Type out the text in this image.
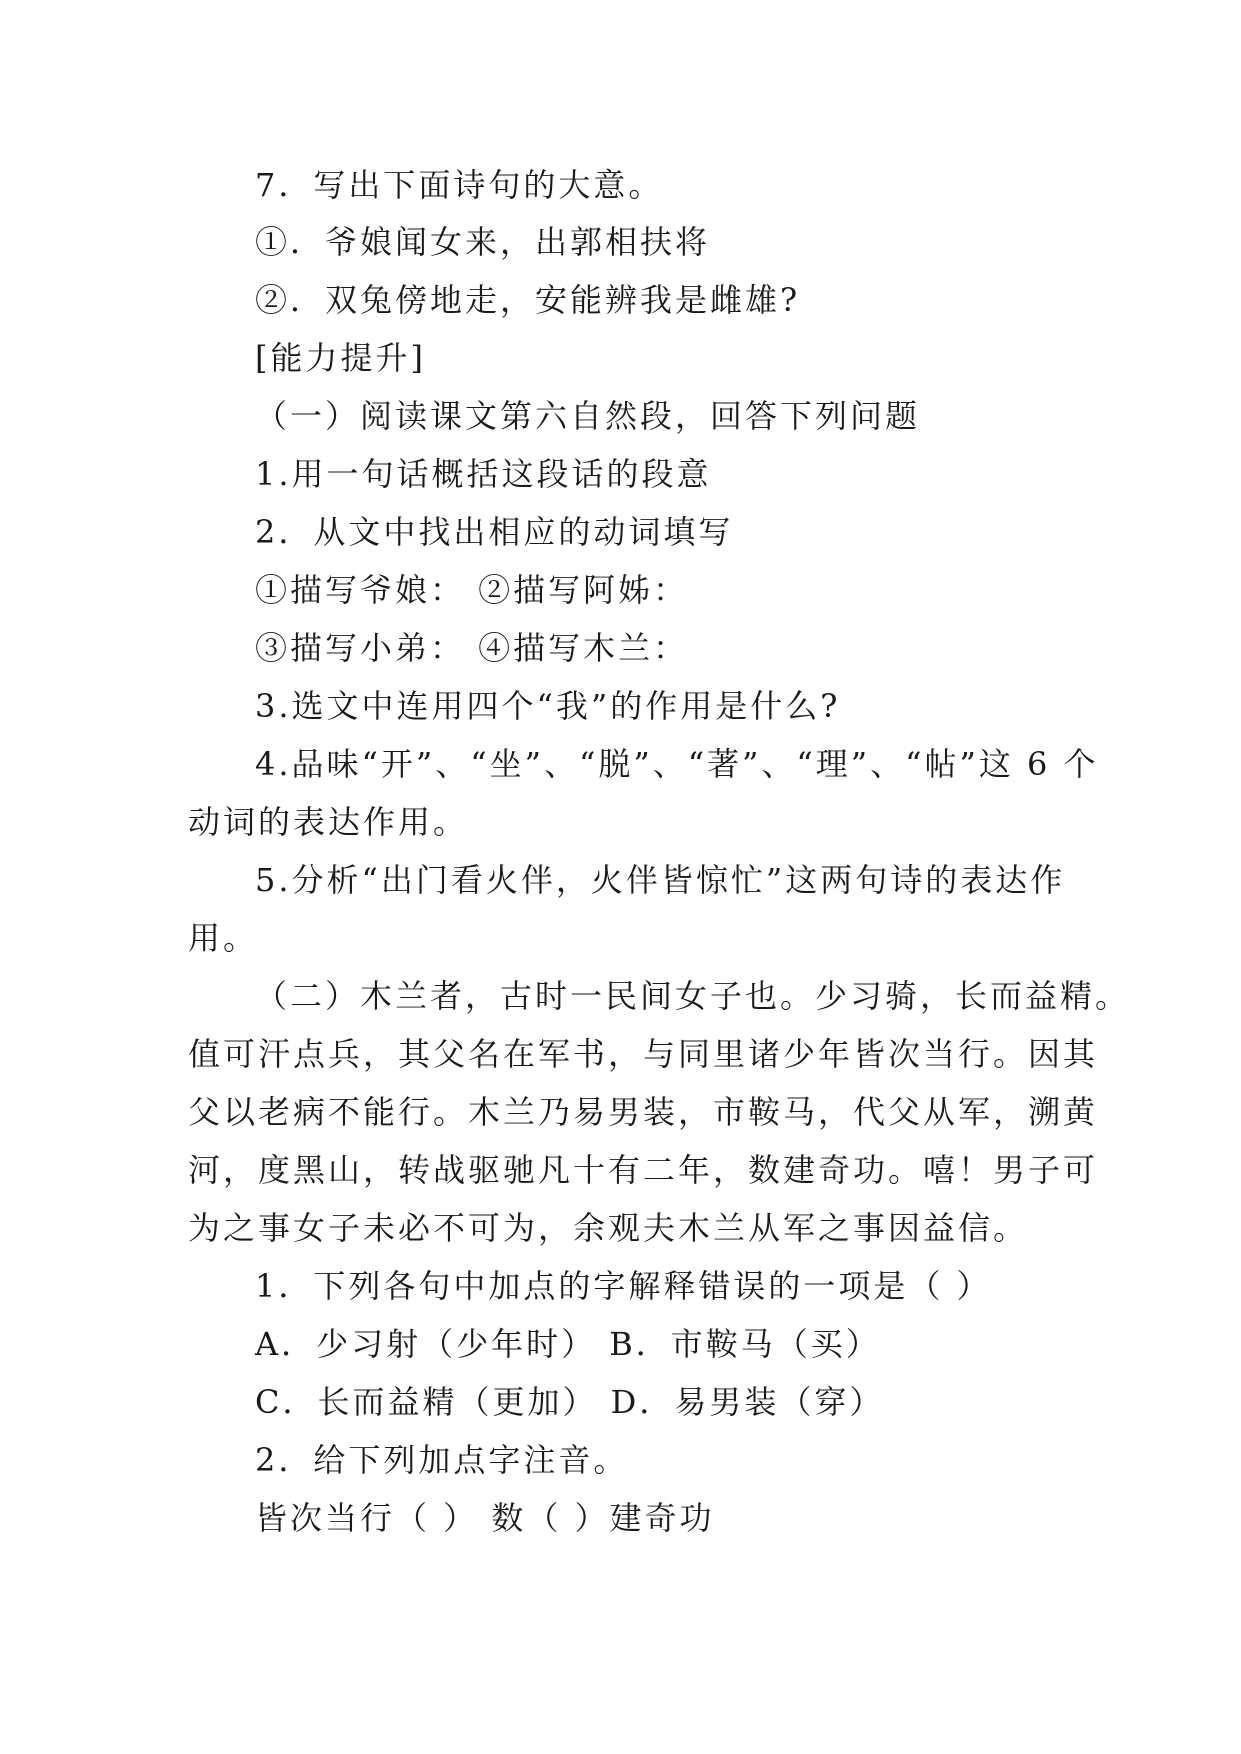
7．写出下面诗句的大意。
①．爷娘闻女来，出郭相扶将
②．双兔傍地走，安能辨我是雌雄?
[能力提升]
（一）阅读课文第六自然段，回答下列问题
1.用一句话概括这段话的段意
2．从文中找出相应的动词填写
①描写爷娘： ②描写阿姊：
③描写小弟： ④描写木兰：
3.选文中连用四个“我”的作用是什么?
4.品味“开”、“坐”、“脱”、“著”、“理”、“帖”这 6 个
动词的表达作用。
5.分析“出门看火伴，火伴皆惊忙”这两句诗的表达作
用。
（二）木兰者，古时一民间女子也。少习骑，长而益精。
值可汗点兵，其父名在军书，与同里诸少年皆次当行。因其
父以老病不能行。木兰乃易男装，市鞍马，代父从军，溯黄
河，度黑山，转战驱驰凡十有二年，数建奇功。嘻！男子可
为之事女子未必不可为，余观夫木兰从军之事因益信。
1．下列各句中加点的字解释错误的一项是（ ）
A．少习射（少年时） B．市鞍马（买）
C．长而益精（更加） D．易男装（穿）
2．给下列加点字注音。
皆次当行（ ） 数（ ）建奇功
